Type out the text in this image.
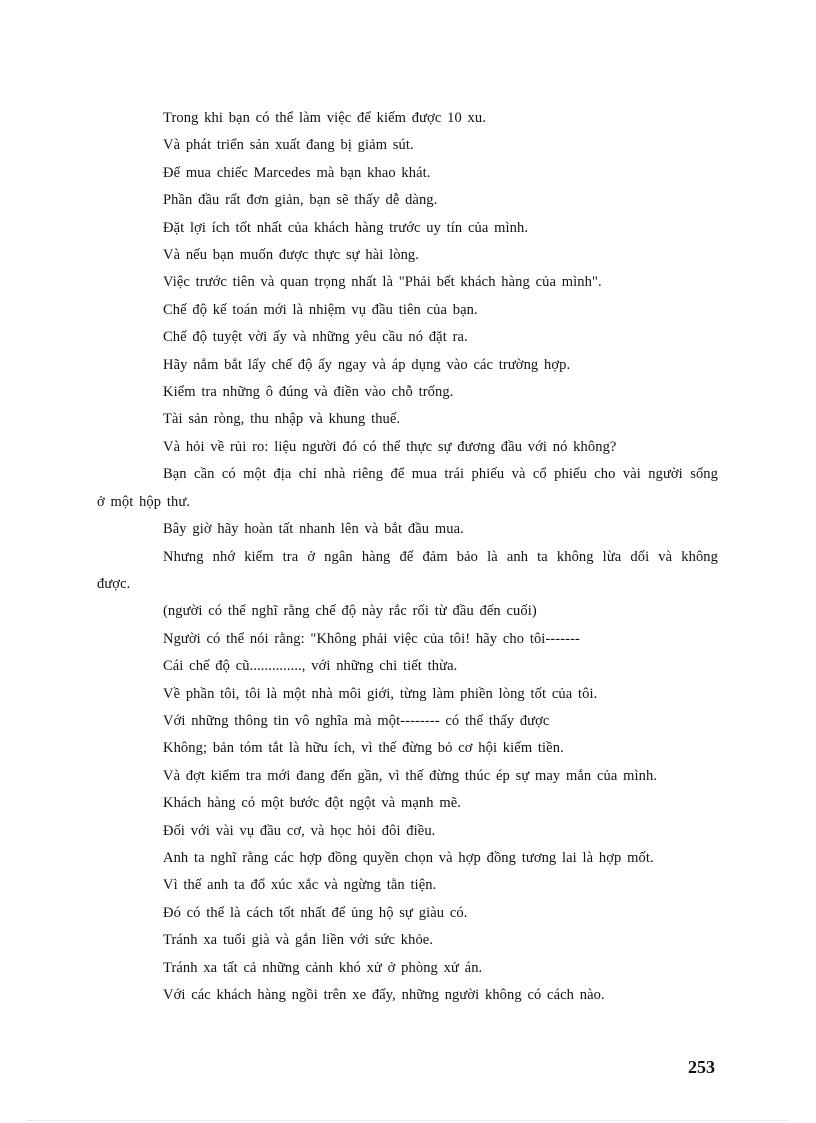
Trong khi bạn có thể làm việc để kiếm được 10 xu.

Và phát triển sản xuất đang bị giảm sút.

Để mua chiếc Marcedes mà bạn khao khát.

Phần đầu rất đơn giản, bạn sẽ thấy dễ dàng.

Đặt lợi ích tốt nhất của khách hàng trước uy tín của mình.

Và nếu bạn muốn được thực sự hài lòng.

Việc trước tiên và quan trọng nhất là "Phải bết khách hàng của mình".

Chế độ kế toán mới là nhiệm vụ đầu tiên của bạn.

Chế độ tuyệt vời ấy và những yêu cầu nó đặt ra.

Hãy nắm bắt lấy chế độ ấy ngay và áp dụng vào các trường hợp.

Kiểm tra những ô đúng và điền vào chỗ trống.

Tài sản ròng, thu nhập và khung thuế.

Và hỏi về rủi ro: liệu người đó có thể thực sự đương đầu với nó không?

Bạn cần có một địa chỉ nhà riêng để mua trái phiếu và cổ phiếu cho vài người sống
ở một hộp thư.

Bây giờ hãy hoàn tất nhanh lên và bắt đầu mua.

Nhưng nhớ kiểm tra ở ngân hàng để đảm bảo là anh ta không lừa dối và không
được.

(người có thể nghĩ rằng chế độ này rắc rối từ đầu đến cuối)

Người có thể nói rằng: "Không phải việc của tôi! hãy cho tôi-------

Cái chế độ cũ.............., với những chi tiết thừa.

Về phần tôi, tôi là một nhà môi giới, từng làm phiền lòng tốt của tôi.

Với những thông tin vô nghĩa mà một-------- có thể thấy được

Không; bản tóm tắt là hữu ích, vì thế đừng bỏ cơ hội kiếm tiền.

Và đợt kiểm tra mới đang đến gần, vì thế đừng thúc ép sự may mắn của mình.

Khách hàng có một bước đột ngột và mạnh mẽ.

Đối với vài vụ đầu cơ, và học hỏi đôi điều.

Anh ta nghĩ rằng các hợp đồng quyền chọn và hợp đồng tương lai là hợp mốt.

Vì thế anh ta đổ xúc xắc và ngừng tằn tiện.

Đó có thể là cách tốt nhất để ủng hộ sự giàu có.

Tránh xa tuổi già và gắn liền với sức khỏe.

Tránh xa tất cả những cảnh khó xử ở phòng xử án.

Với các khách hàng ngồi trên xe đẩy, những người không có cách nào.

253
